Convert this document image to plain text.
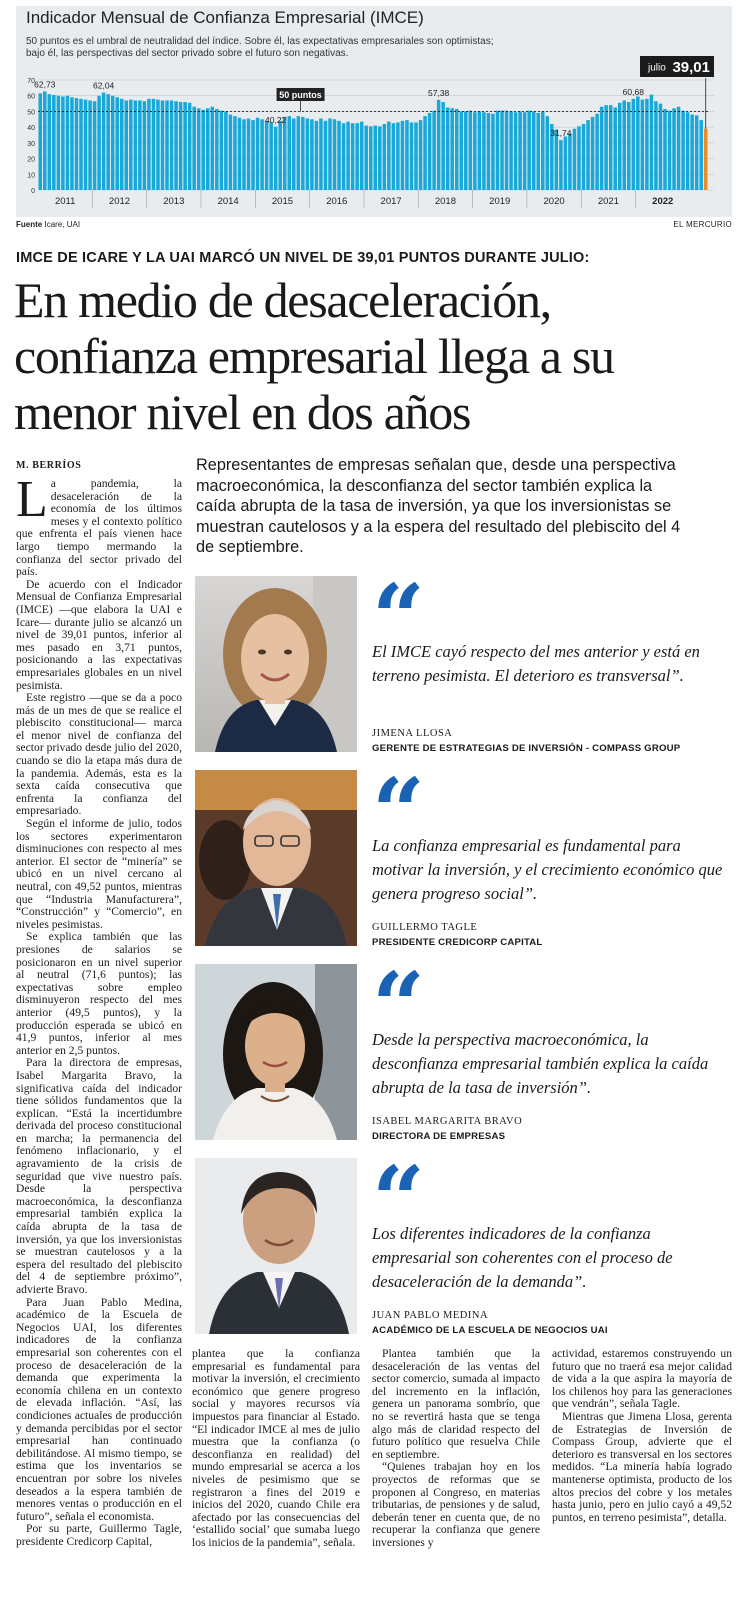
0
10
20
30
40
50
60
70
50 puntos
62,73	62,04
40,22
57,38
31,74
60,68
julio 39,01
2011	2012	2013	2014	2015	2016	2017	2018	2019	2020	2021	2022
Indicador Mensual de Confianza Empresarial (IMCE)
50 puntos es el umbral de neutralidad del índice. Sobre él, las expectativas empresariales son optimistas; bajo él, las perspectivas del sector privado sobre el futuro son negativas.
Fuente Icare, UAI	EL MERCURIO
IMCE DE ICARE Y LA UAI MARCÓ UN NIVEL DE 39,01 PUNTOS DURANTE JULIO:
En medio de desaceleración, confianza empresarial llega a su menor nivel en dos años
M. BERRÍOS	Representantes de empresas señalan que, desde una perspectiva macroeconómica, la desconfianza del sector también explica la caída abrupta de la tasa de inversión, ya que los inversionistas se muestran cautelosos y a la espera del resultado del plebiscito del 4 de septiembre.

La pandemia, la desaceleración de la economía de los últimos meses y el contexto político que enfrenta el país vienen hace largo tiempo mermando la confianza del sector privado del país.

De acuerdo con el Indicador Mensual de Confianza Empresarial (IMCE) —que elabora la UAI e Icare— durante julio se alcanzó un nivel de 39,01 puntos, inferior al mes pasado en 3,71 puntos, posicionando a las expectativas empresariales globales en un nivel pesimista.

Este registro —que se da a poco más de un mes de que se realice el plebiscito constitucional— marca el menor nivel de confianza del sector privado desde julio del 2020, cuando se dio la etapa más dura de la pandemia. Además, esta es la sexta caída consecutiva que enfrenta la confianza del empresariado.

Según el informe de julio, todos los sectores experimentaron disminuciones con respecto al mes anterior. El sector de “minería” se ubicó en un nivel cercano al neutral, con 49,52 puntos, mientras que “Industria Manufacturera”, “Construcción” y “Comercio”, en niveles pesimistas.

Se explica también que las presiones de salarios se posicionaron en un nivel superior al neutral (71,6 puntos); las expectativas sobre empleo disminuyeron respecto del mes anterior (49,5 puntos), y la producción esperada se ubicó en 41,9 puntos, inferior al mes anterior en 2,5 puntos.

Para la directora de empresas, Isabel Margarita Bravo, la significativa caída del indicador tiene sólidos fundamentos que la explican. “Está la incertidumbre derivada del proceso constitucional en marcha; la permanencia del fenómeno inflacionario, y el agravamiento de la crisis de seguridad que vive nuestro país. Desde la perspectiva macroeconómica, la desconfianza empresarial también explica la caída abrupta de la tasa de inversión, ya que los inversionistas se muestran cautelosos y a la espera del resultado del plebiscito del 4 de septiembre próximo”, advierte Bravo.

Para Juan Pablo Medina, académico de la Escuela de Negocios UAI, los diferentes indicadores de la confianza empresarial son coherentes con el proceso de desaceleración de la demanda que experimenta la economía chilena en un contexto de elevada inflación. “Así, las condiciones actuales de producción y demanda percibidas por el sector empresarial han continuado debilitándose. Al mismo tiempo, se estima que los inventarios se encuentran por sobre los niveles deseados a la espera también de menores ventas o producción en el futuro”, señala el economista.

Por su parte, Guillermo Tagle, presidente Credicorp Capital,

“

El IMCE cayó respecto del mes anterior y está en terreno pesimista. El deterioro es transversal”.

JIMENA LLOSA
GERENTE DE ESTRATEGIAS DE INVERSIÓN - COMPASS GROUP
“

La confianza empresarial es fundamental para motivar la inversión, y el crecimiento económico que genera progreso social”.

GUILLERMO TAGLE
PRESIDENTE CREDICORP CAPITAL
“

Desde la perspectiva macroeconómica, la desconfianza empresarial también explica la caída abrupta de la tasa de inversión”.

ISABEL MARGARITA BRAVO
DIRECTORA DE EMPRESAS
“

Los diferentes indicadores de la confianza empresarial son coherentes con el proceso de desaceleración de la demanda”.

JUAN PABLO MEDINA
ACADÉMICO DE LA ESCUELA DE NEGOCIOS UAI

plantea que la confianza empresarial es fundamental para motivar la inversión, el crecimiento económico que genere progreso social y mayores recursos vía impuestos para financiar al Estado. “El indicador IMCE al mes de julio muestra que la confianza (o desconfianza en realidad) del mundo empresarial se acerca a los niveles de pesimismo que se registraron a fines del 2019 e inicios del 2020, cuando Chile era afectado por las consecuencias del ‘estallido social’ que sumaba luego los inicios de la pandemia”, señala.

Plantea también que la desaceleración de las ventas del sector comercio, sumada al impacto del incremento en la inflación, genera un panorama sombrío, que no se revertirá hasta que se tenga algo más de claridad respecto del futuro político que resuelva Chile en septiembre.

“Quienes trabajan hoy en los proyectos de reformas que se proponen al Congreso, en materias tributarias, de pensiones y de salud, deberán tener en cuenta que, de no recuperar la confianza que genere inversiones y

actividad, estaremos construyendo un futuro que no traerá esa mejor calidad de vida a la que aspira la mayoría de los chilenos hoy para las generaciones que vendrán”, señala Tagle.

Mientras que Jimena Llosa, gerenta de Estrategias de Inversión de Compass Group, advierte que el deterioro es transversal en los sectores medidos. “La minería había logrado mantenerse optimista, producto de los altos precios del cobre y los metales hasta junio, pero en julio cayó a 49,52 puntos, en terreno pesimista”, detalla.
